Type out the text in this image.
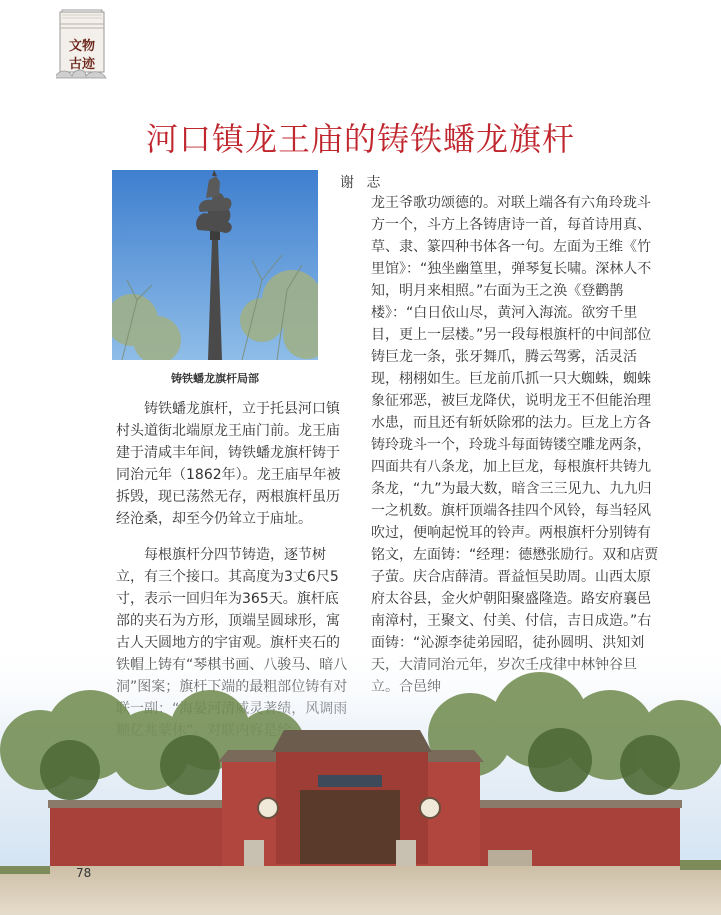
文物
古迹
河口镇龙王庙的铸铁蟠龙旗杆
铸铁蟠龙旗杆局部
谢 志

铸铁蟠龙旗杆，立于托县河口镇村头道街北端原龙王庙门前。龙王庙建于清咸丰年间，铸铁蟠龙旗杆铸于同治元年（1862年）。龙王庙早年被拆毁，现已荡然无存，两根旗杆虽历经沧桑，却至今仍耸立于庙址。

每根旗杆分四节铸造，逐节树立，有三个接口。其高度为3丈6尺5寸，表示一回归年为365天。旗杆底部的夹石为方形，顶端呈圆球形，寓

龙王爷歌功颂德的。对联上端各有六角玲珑斗方一个，斗方上各铸唐诗一首，每首诗用真、草、隶、篆四种书体各一句。左面为王维《竹里馆》：“独坐幽篁里，弹琴复长啸。深林人不知，明月来相照。”右面为王之涣《登鹳鹊楼》：“白日依山尽，黄河入海流。欲穷千里目，更上一层楼。”另一段每根旗杆的中间部位铸巨龙一条，张牙舞爪，腾云驾雾，活灵活现，栩栩如生。巨龙前爪抓一只大蜘蛛，蜘蛛象征邪恶，被巨龙降伏，说明龙王不但能治理水患，而且还有斩妖除邪的法力。巨龙上方各铸玲珑斗一个，玲珑斗每面铸镂空雕龙两条，四面共有八条龙，加上巨龙，每根旗杆共铸九条龙，“九”为最大数，暗含三三见九、九九归一之机数。旗杆顶端各挂四个风铃，每当轻风吹过，便响起悦耳的铃声。两根旗杆分别铸有铭文，左面铸：“经理：德懋张励行。双和店贾子萤。庆合店薛清。晋益恒吴助周。山西太原府太谷县，金火炉朝阳聚盛隆造。路安府襄邑南漳村，王聚文、付美、付信，吉日成造。”右

78
